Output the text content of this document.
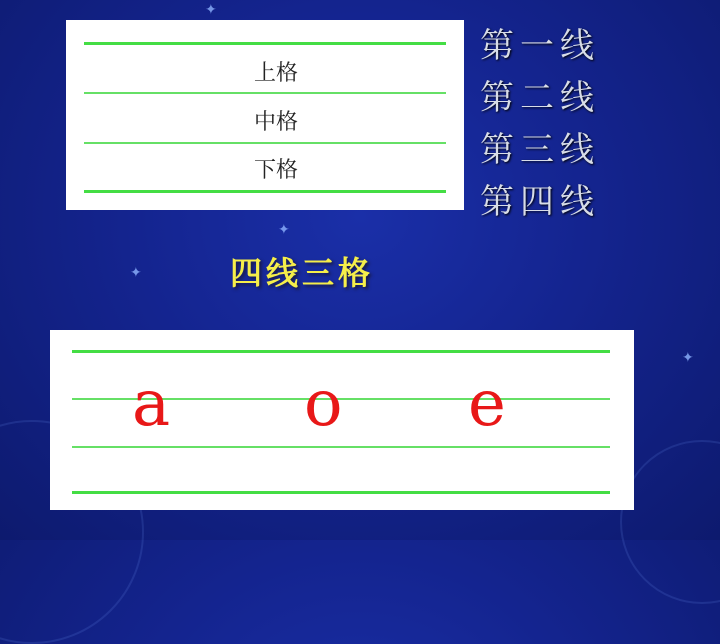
✦
✦
✦
✦
上格
中格
下格
第一线
第二线
第三线
第四线
四线三格
a o e
